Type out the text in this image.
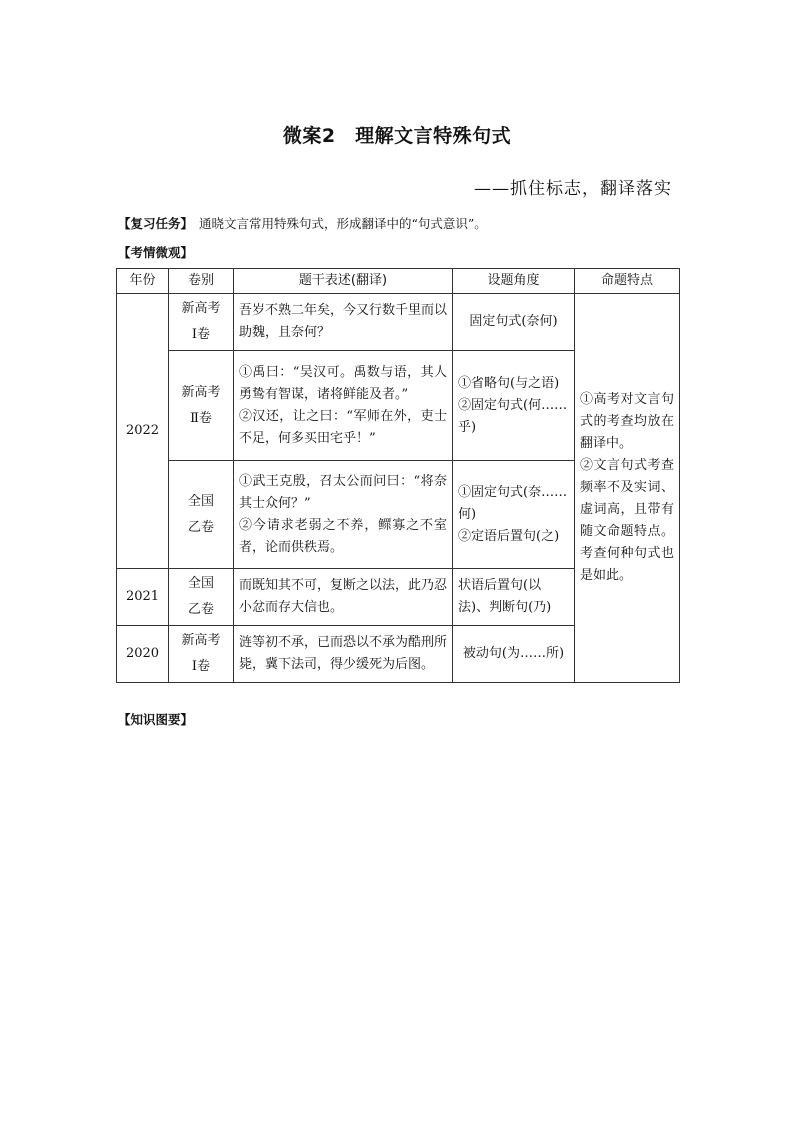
微案2　理解文言特殊句式
——抓住标志，翻译落实
【复习任务】 通晓文言常用特殊句式，形成翻译中的“句式意识”。
【考情微观】
年份	卷别	题干表述(翻译)	设题角度	命题特点
2022	新高考
Ⅰ卷	吾岁不熟二年矣，今又行数千里而以助魏，且奈何？	固定句式(奈何)	①高考对文言句式的考查均放在翻译中。
②文言句式考查频率不及实词、虚词高，且带有随文命题特点。考查何种句式也是如此。

	新高考
Ⅱ卷	①禹曰：“吴汉可。禹数与语，其人勇鸷有智谋，诸将鲜能及者。”
②汉还，让之曰：“军师在外，吏士不足，何多买田宅乎！”	①省略句(与之语)
②固定句式(何……乎)	

	全国
乙卷	①武王克殷，召太公而问曰：“将奈其士众何？”
②今请求老弱之不养，鳏寡之不室者，论而供秩焉。	①固定句式(奈……何)
②定语后置句(之)	

2021	全国
乙卷	而既知其不可，复断之以法，此乃忍小忿而存大信也。	状语后置句(以法)、判断句(乃)	
2020	新高考
Ⅰ卷	涟等初不承，已而恐以不承为酷刑所毙，冀下法司，得少缓死为后图。	被动句(为……所)	
【知识图要】
